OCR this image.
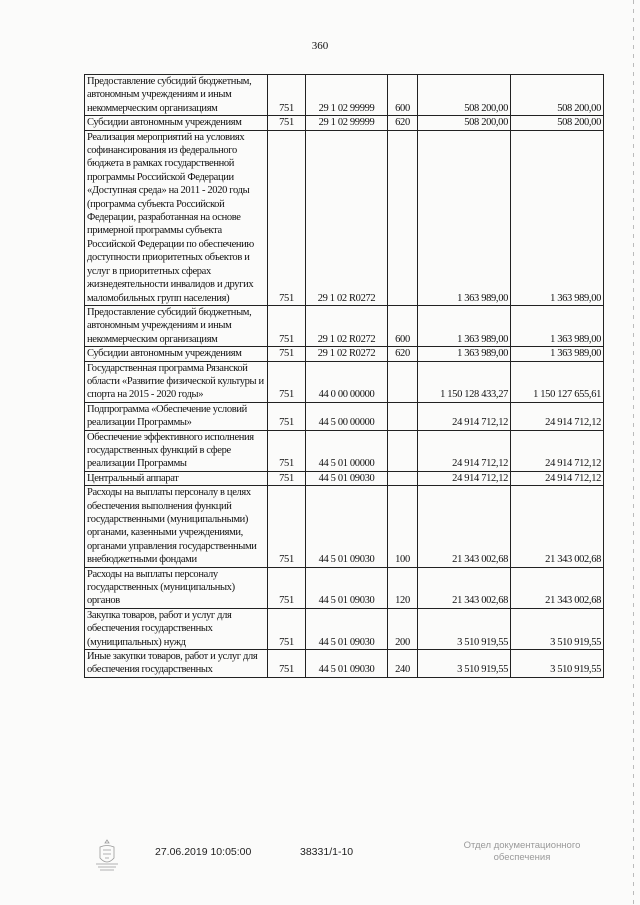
360
Предоставление субсидий бюджетным, автономным учреждениям и иным некоммерческим организациям	751	29 1 02 99999	600	508 200,00	508 200,00
Субсидии автономным учреждениям	751	29 1 02 99999	620	508 200,00	508 200,00
Реализация мероприятий на условиях софинансирования из федерального бюджета в рамках государственной программы Российской Федерации «Доступная среда» на 2011 - 2020 годы (программа субъекта Российской Федерации, разработанная на основе примерной программы субъекта Российской Федерации по обеспечению доступности приоритетных объектов и услуг в приоритетных сферах жизнедеятельности инвалидов и других маломобильных групп населения)	751	29 1 02 R0272		1 363 989,00	1 363 989,00
Предоставление субсидий бюджетным, автономным учреждениям и иным некоммерческим организациям	751	29 1 02 R0272	600	1 363 989,00	1 363 989,00
Субсидии автономным учреждениям	751	29 1 02 R0272	620	1 363 989,00	1 363 989,00
Государственная программа Рязанской области «Развитие физической культуры и спорта на 2015 - 2020 годы»	751	44 0 00 00000		1 150 128 433,27	1 150 127 655,61
Подпрограмма «Обеспечение условий реализации Программы»	751	44 5 00 00000		24 914 712,12	24 914 712,12
Обеспечение эффективного исполнения государственных функций в сфере реализации Программы	751	44 5 01 00000		24 914 712,12	24 914 712,12
Центральный аппарат	751	44 5 01 09030		24 914 712,12	24 914 712,12
Расходы на выплаты персоналу в целях обеспечения выполнения функций государственными (муниципальными) органами, казенными учреждениями, органами управления государственными внебюджетными фондами	751	44 5 01 09030	100	21 343 002,68	21 343 002,68
Расходы на выплаты персоналу государственных (муниципальных) органов	751	44 5 01 09030	120	21 343 002,68	21 343 002,68
Закупка товаров, работ и услуг для обеспечения государственных (муниципальных) нужд	751	44 5 01 09030	200	3 510 919,55	3 510 919,55
Иные закупки товаров, работ и услуг для обеспечения государственных	751	44 5 01 09030	240	3 510 919,55	3 510 919,55
27.06.2019 10:05:00	38331/1-10
Отдел документационного обеспечения
